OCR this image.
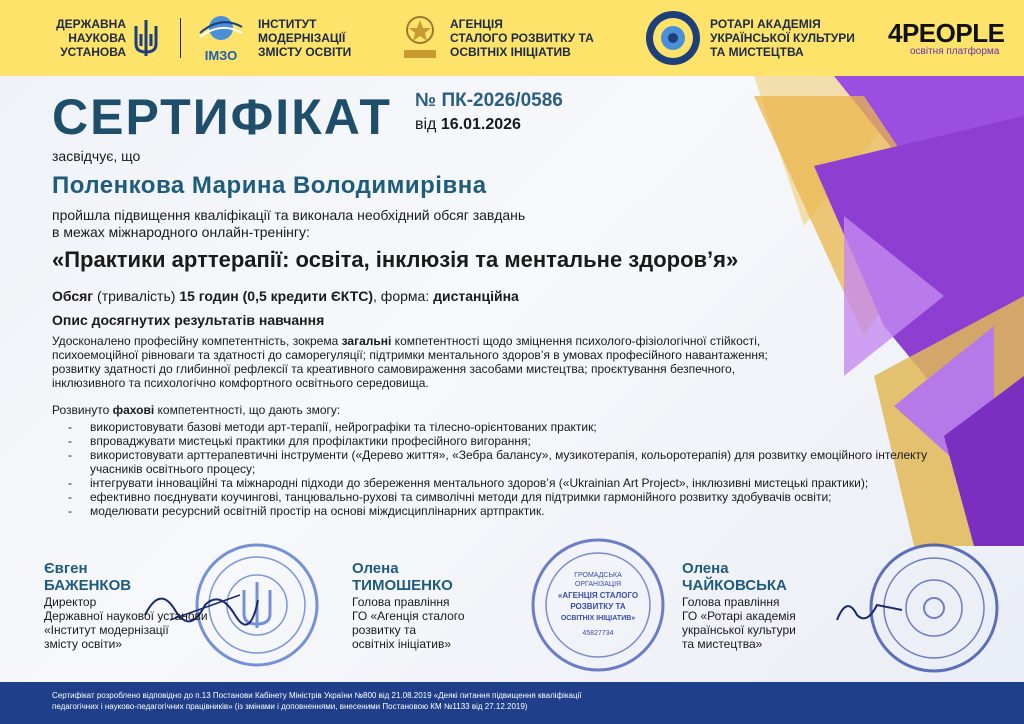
ДЕРЖАВНА
НАУКОВА
УСТАНОВА	ІМЗО
ІНСТИТУТ
МОДЕРНІЗАЦІЇ
ЗМІСТУ ОСВІТИ
АГЕНЦІЯ
СТАЛОГО РОЗВИТКУ ТА
ОСВІТНІХ ІНІЦІАТИВ
РОТАРІ АКАДЕМІЯ
УКРАЇНСЬКОЇ КУЛЬТУРИ
ТА МИСТЕЦТВА
4PEOPLE
освітня платформа
СЕРТИФІКАТ № ПК-2026/0586
від 16.01.2026
засвідчує, що
Поленкова Марина Володимирівна
пройшла підвищення кваліфікації та виконала необхідний обсяг завдань
в межах міжнародного онлайн-тренінгу:
«Практики арттерапії: освіта, інклюзія та ментальне здоров’я»
Обсяг (тривалість) 15 годин (0,5 кредити ЄКТС), форма: дистанційна
Опис досягнутих результатів навчання
Удосконалено професійну компетентність, зокрема загальні компетентності щодо зміцнення психолого-фізіологічної стійкості,
психоемоційної рівноваги та здатності до саморегуляції; підтримки ментального здоров’я в умовах професійного навантаження;
розвитку здатності до глибинної рефлексії та креативного самовираження засобами мистецтва; проєктування безпечного,
інклюзивного та психологічно комфортного освітнього середовища.
Розвинуто фахові компетентності, що дають змогу:
- використовувати базові методи арт-терапії, нейрографіки та тілесно-орієнтованих практик;
- впроваджувати мистецькі практики для профілактики професійного вигорання;
- використовувати арттерапевтичні інструменти («Дерево життя», «Зебра балансу», музикотерапія, кольоротерапія) для розвитку емоційного інтелекту учасників освітнього процесу;
- інтегрувати інноваційні та міжнародні підходи до збереження ментального здоров’я («Ukrainian Art Project», інклюзивні мистецькі практики);
- ефективно поєднувати коучингові, танцювально-рухові та символічні методи для підтримки гармонійного розвитку здобувачів освіти;
- моделювати ресурсний освітній простір на основі міждисциплінарних артпрактик.
ГРОМАДСЬКА
ОРГАНІЗАЦІЯ
«АГЕНЦІЯ СТАЛОГО
РОЗВИТКУ ТА
ОСВІТНІХ ІНІЦІАТИВ»
45827734
Євген
БАЖЕНКОВ
Директор
Державної наукової установи
«Інститут модернізації
змісту освіти»
Олена
ТИМОШЕНКО
Голова правління
ГО «Агенція сталого
розвитку та
освітніх ініціатив»
Олена
ЧАЙКОВСЬКА
Голова правління
ГО «Ротарі академія
української культури
та мистецтва»
Сертифікат розроблено відповідно до п.13 Постанови Кабінету Міністрів України №800 від 21.08.2019 «Деякі питання підвищення кваліфікації
педагогічних і науково-педагогічних працівників» (із змінами і доповненнями, внесеними Постановою КМ №1133 від 27.12.2019)
